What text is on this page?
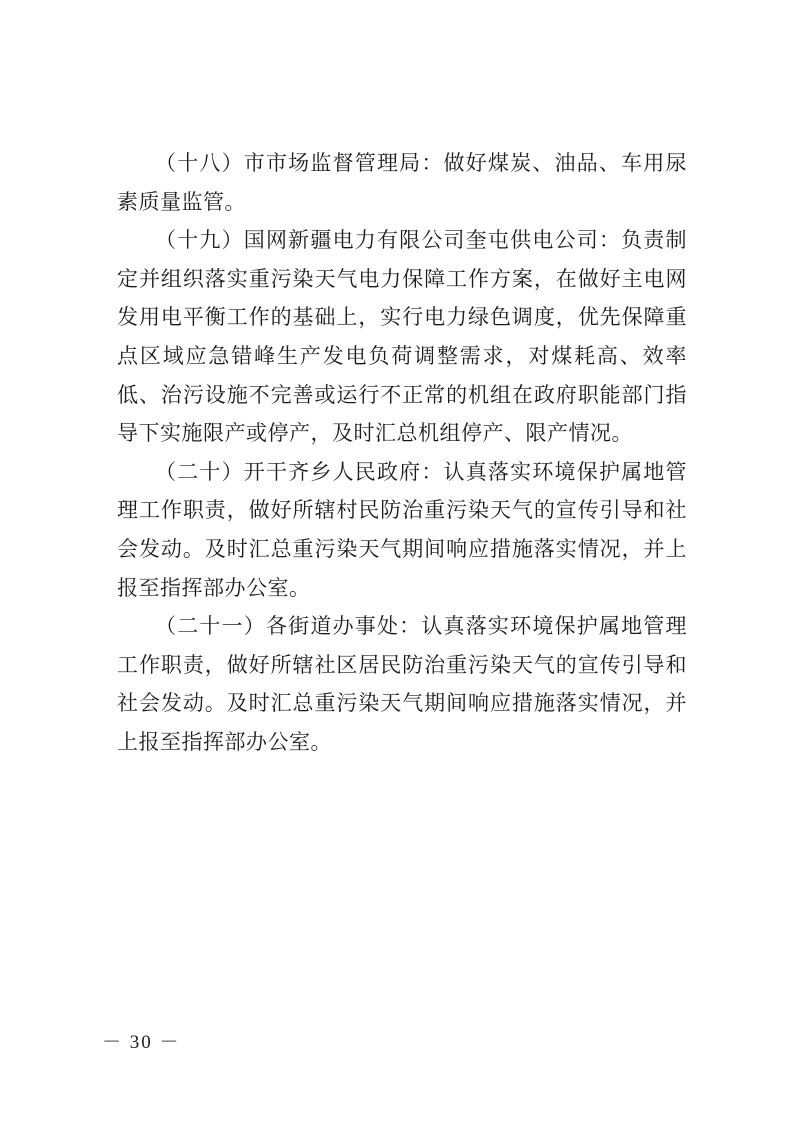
（十八）市市场监督管理局：做好煤炭、油品、车用尿素质量监管。

（十九）国网新疆电力有限公司奎屯供电公司：负责制定并组织落实重污染天气电力保障工作方案，在做好主电网发用电平衡工作的基础上，实行电力绿色调度，优先保障重点区域应急错峰生产发电负荷调整需求，对煤耗高、效率低、治污设施不完善或运行不正常的机组在政府职能部门指导下实施限产或停产，及时汇总机组停产、限产情况。

（二十）开干齐乡人民政府：认真落实环境保护属地管理工作职责，做好所辖村民防治重污染天气的宣传引导和社会发动。及时汇总重污染天气期间响应措施落实情况，并上报至指挥部办公室。

（二十一）各街道办事处：认真落实环境保护属地管理工作职责，做好所辖社区居民防治重污染天气的宣传引导和社会发动。及时汇总重污染天气期间响应措施落实情况，并上报至指挥部办公室。

－ 30 －
